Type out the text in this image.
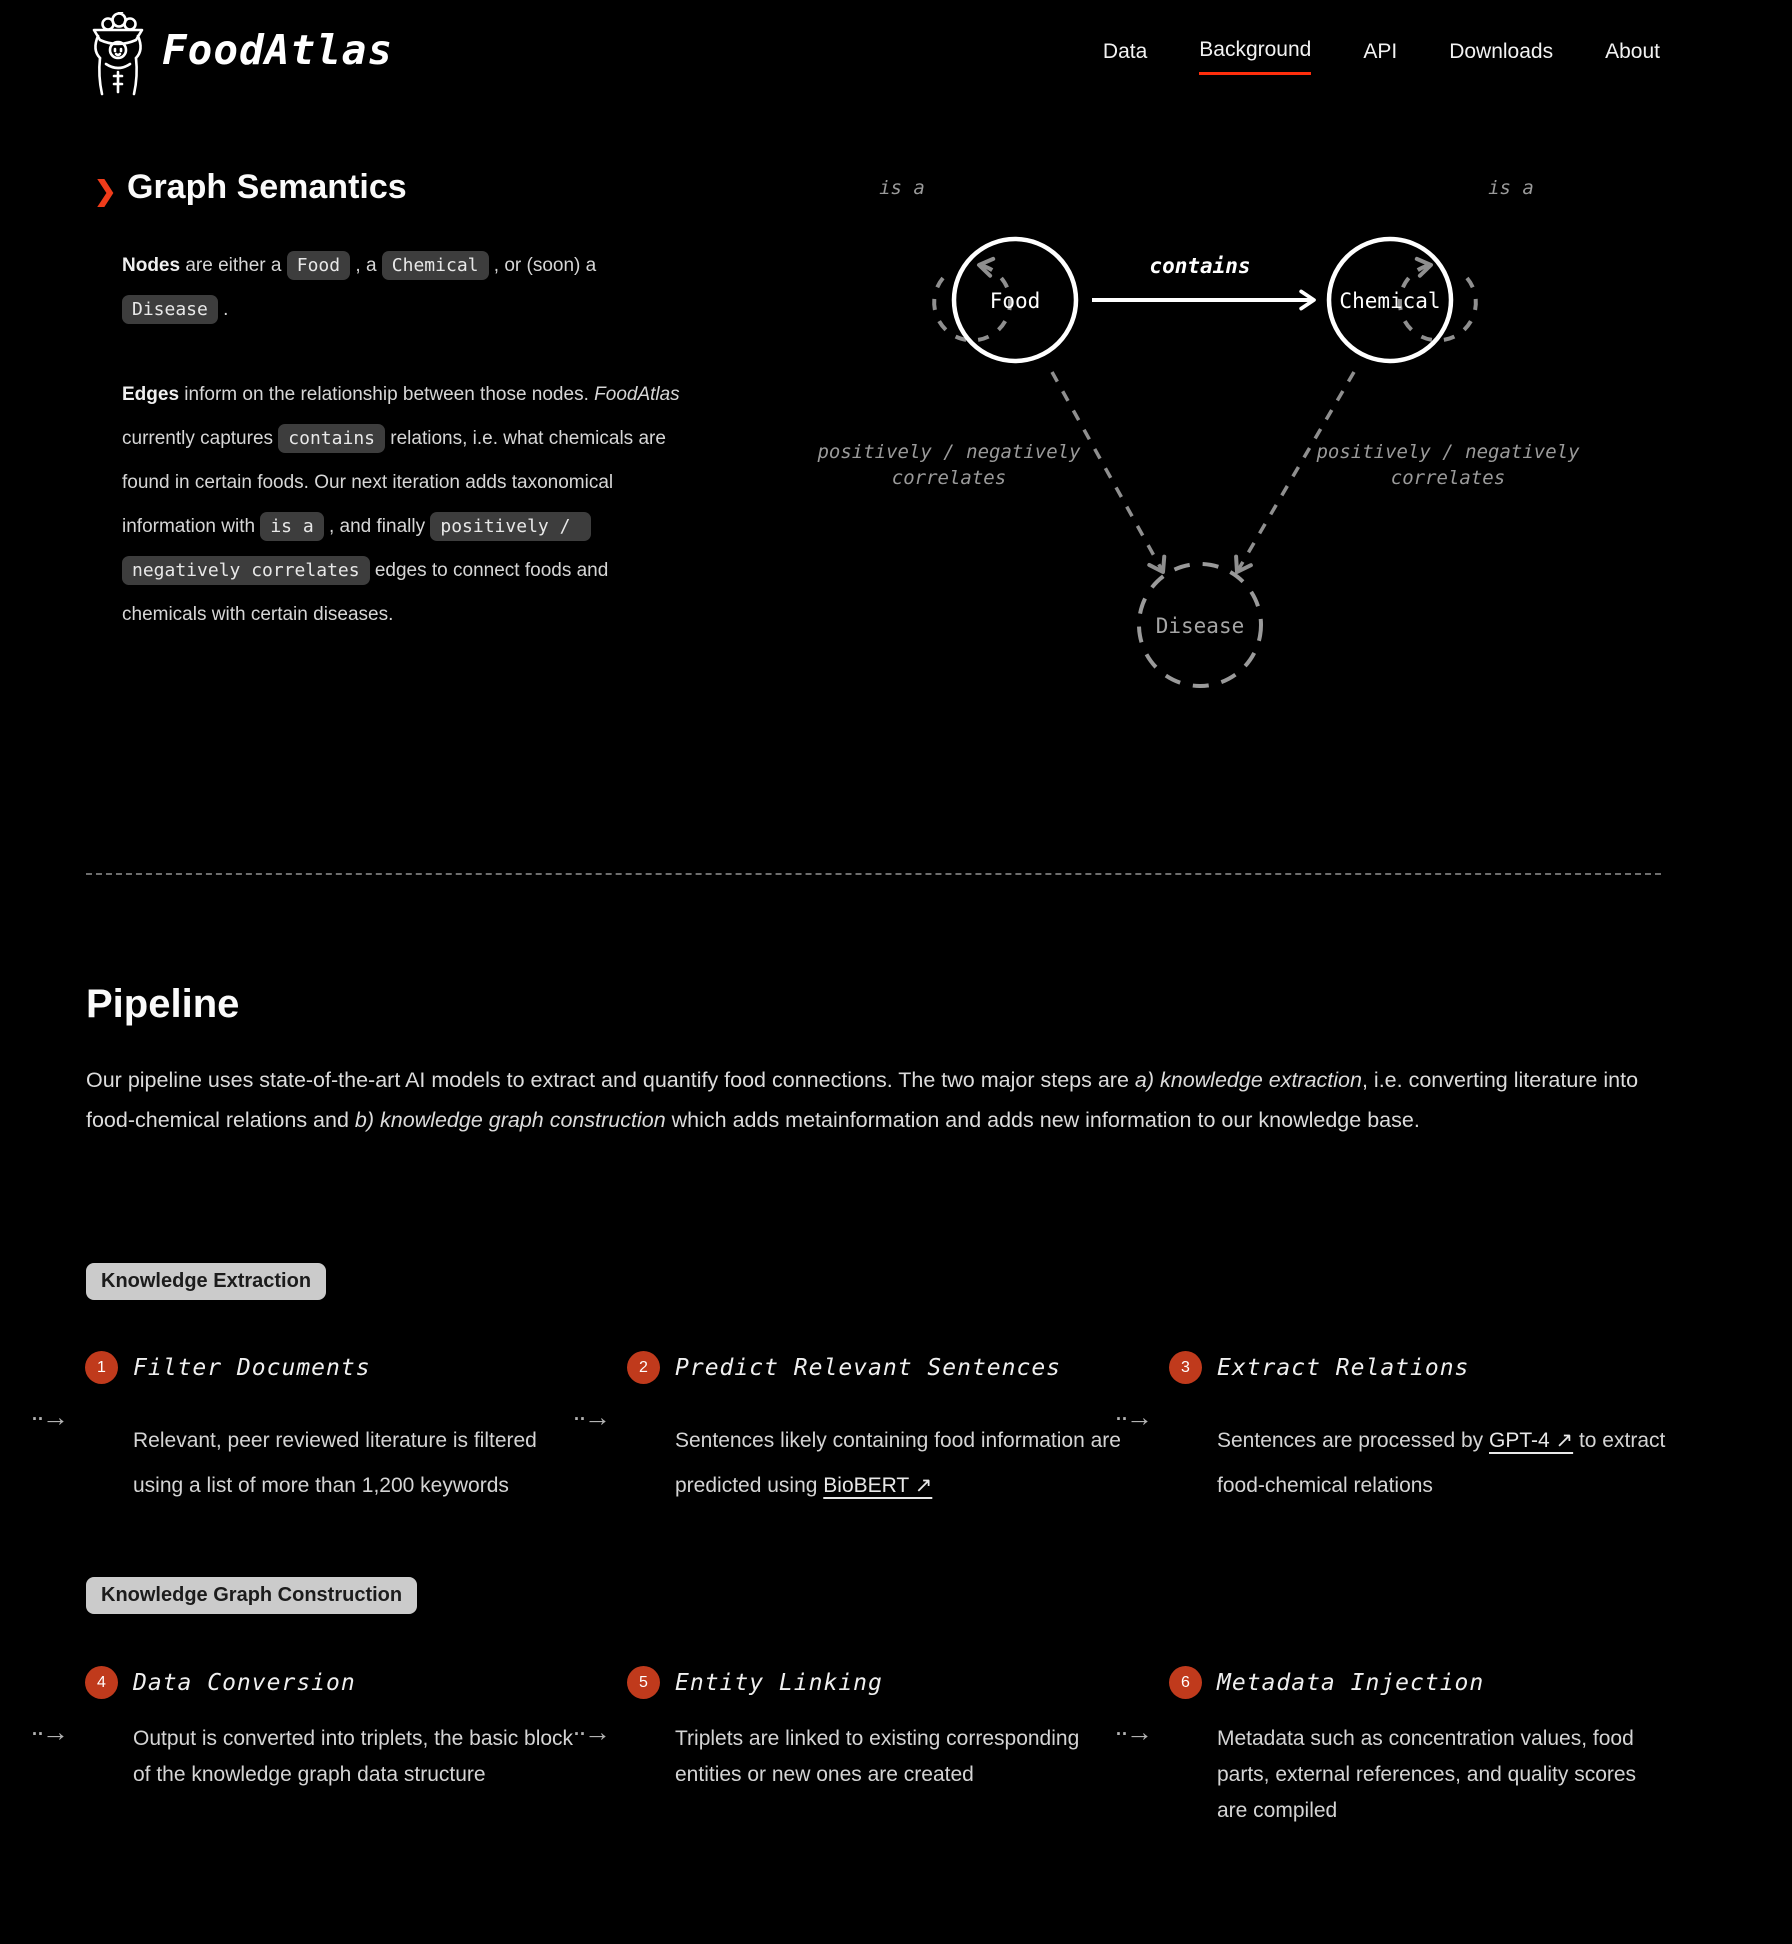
FoodAtlas	Data Background API Downloads About
❯ Graph Semantics

Nodes are either a Food , a Chemical , or (soon) a Disease .

Edges inform on the relationship between those nodes. FoodAtlas currently captures contains relations, i.e. what chemicals are found in certain foods. Our next iteration adds taxonomical information with is a , and finally positively / negatively correlates edges to connect foods and chemicals with certain diseases.

is a	is a
contains
positively / negatively
correlates
positively / negatively
correlates
Food	Chemical
Disease
Pipeline

Our pipeline uses state-of-the-art AI models to extract and quantify food connections. The two major steps are a) knowledge extraction, i.e. converting literature into food-chemical relations and b) knowledge graph construction which adds metainformation and adds new information to our knowledge base.

Knowledge Extraction
··→	··→	··→
1	Filter Documents
Relevant, peer reviewed literature is filtered using a list of more than 1,200 keywords
2	Predict Relevant Sentences
Sentences likely containing food information are predicted using BioBERT ↗
3	Extract Relations
Sentences are processed by GPT-4 ↗ to extract food-chemical relations
Knowledge Graph Construction
··→	··→	··→
4	Data Conversion
Output is converted into triplets, the basic block of the knowledge graph data structure
5	Entity Linking
Triplets are linked to existing corresponding entities or new ones are created
6	Metadata Injection
Metadata such as concentration values, food parts, external references, and quality scores are compiled
